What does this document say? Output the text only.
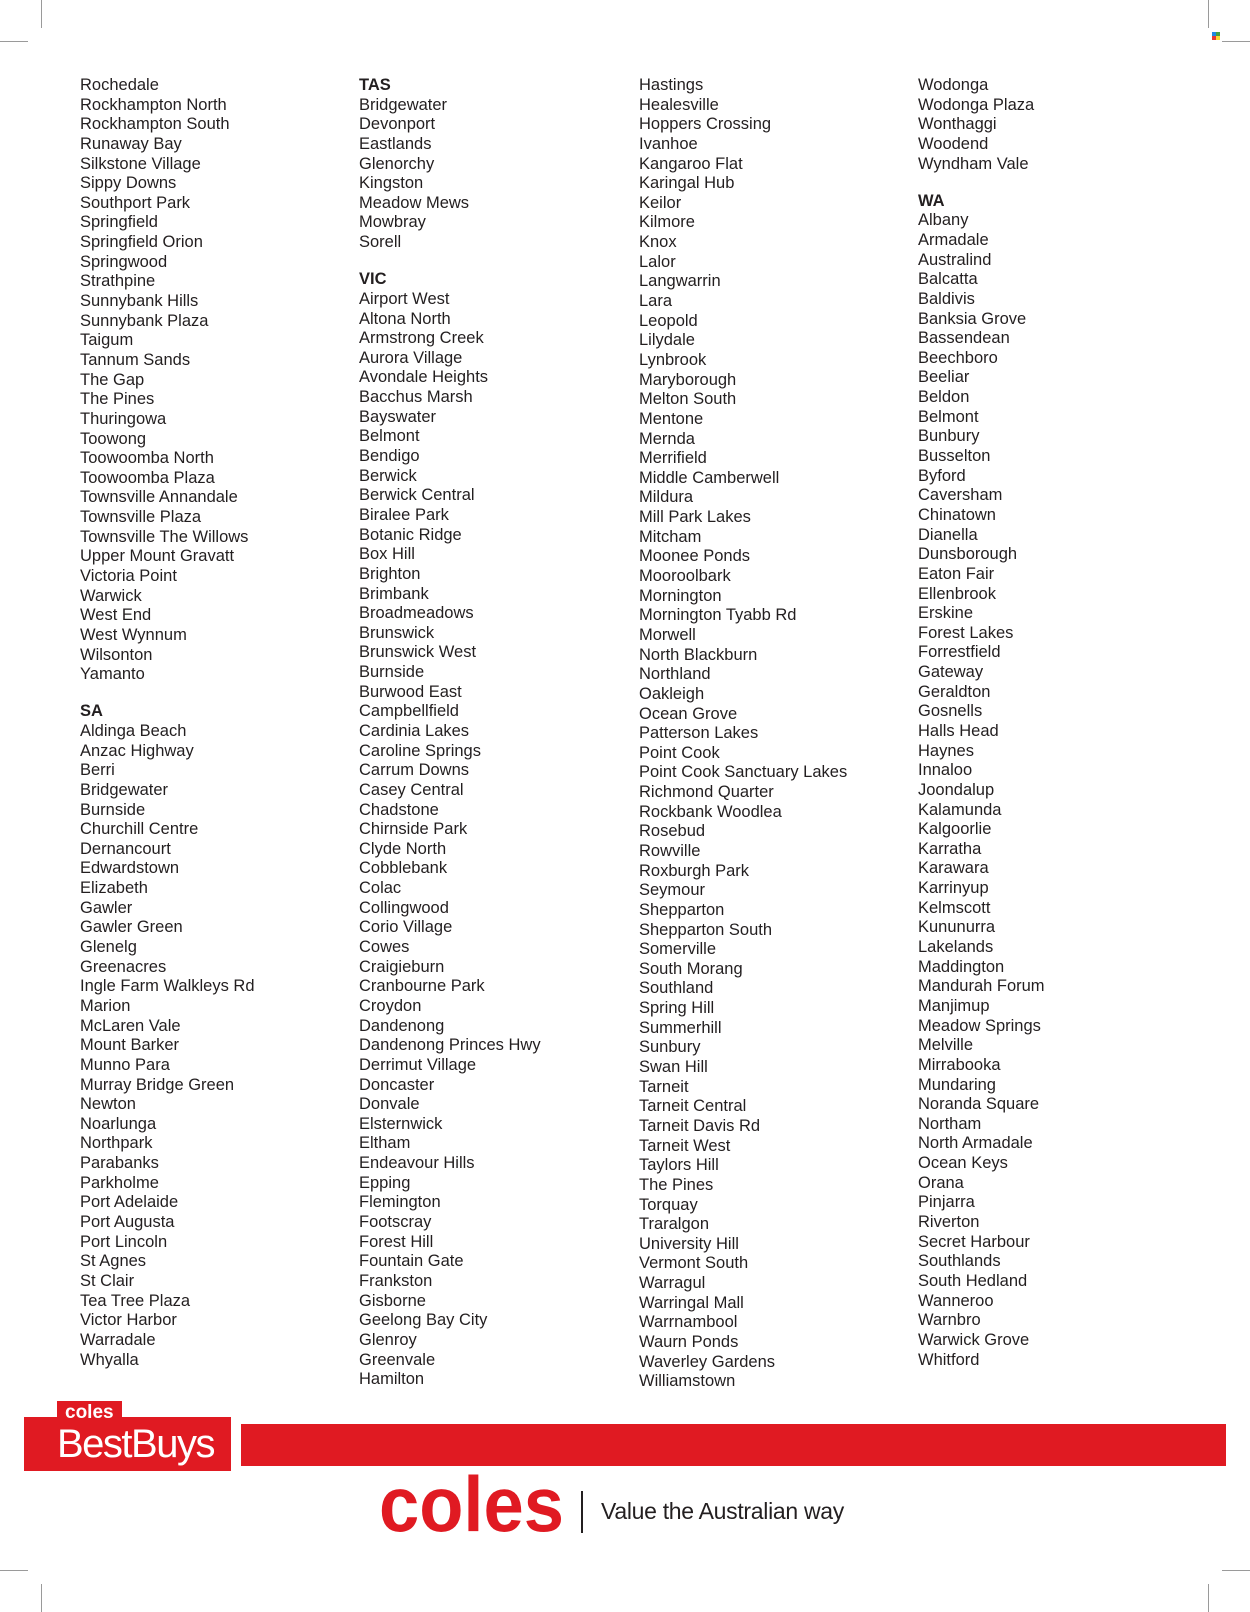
Rochedale
Rockhampton North
Rockhampton South
Runaway Bay
Silkstone Village
Sippy Downs
Southport Park
Springfield
Springfield Orion
Springwood
Strathpine
Sunnybank Hills
Sunnybank Plaza
Taigum
Tannum Sands
The Gap
The Pines
Thuringowa
Toowong
Toowoomba North
Toowoomba Plaza
Townsville Annandale
Townsville Plaza
Townsville The Willows
Upper Mount Gravatt
Victoria Point
Warwick
West End
West Wynnum
Wilsonton
Yamanto
SA
Aldinga Beach
Anzac Highway
Berri
Bridgewater
Burnside
Churchill Centre
Dernancourt
Edwardstown
Elizabeth
Gawler
Gawler Green
Glenelg
Greenacres
Ingle Farm Walkleys Rd
Marion
McLaren Vale
Mount Barker
Munno Para
Murray Bridge Green
Newton
Noarlunga
Northpark
Parabanks
Parkholme
Port Adelaide
Port Augusta
Port Lincoln
St Agnes
St Clair
Tea Tree Plaza
Victor Harbor
Warradale
Whyalla
TAS
Bridgewater
Devonport
Eastlands
Glenorchy
Kingston
Meadow Mews
Mowbray
Sorell
VIC
Airport West
Altona North
Armstrong Creek
Aurora Village
Avondale Heights
Bacchus Marsh
Bayswater
Belmont
Bendigo
Berwick
Berwick Central
Biralee Park
Botanic Ridge
Box Hill
Brighton
Brimbank
Broadmeadows
Brunswick
Brunswick West
Burnside
Burwood East
Campbellfield
Cardinia Lakes
Caroline Springs
Carrum Downs
Casey Central
Chadstone
Chirnside Park
Clyde North
Cobblebank
Colac
Collingwood
Corio Village
Cowes
Craigieburn
Cranbourne Park
Croydon
Dandenong
Dandenong Princes Hwy
Derrimut Village
Doncaster
Donvale
Elsternwick
Eltham
Endeavour Hills
Epping
Flemington
Footscray
Forest Hill
Fountain Gate
Frankston
Gisborne
Geelong Bay City
Glenroy
Greenvale
Hamilton
Hastings
Healesville
Hoppers Crossing
Ivanhoe
Kangaroo Flat
Karingal Hub
Keilor
Kilmore
Knox
Lalor
Langwarrin
Lara
Leopold
Lilydale
Lynbrook
Maryborough
Melton South
Mentone
Mernda
Merrifield
Middle Camberwell
Mildura
Mill Park Lakes
Mitcham
Moonee Ponds
Mooroolbark
Mornington
Mornington Tyabb Rd
Morwell
North Blackburn
Northland
Oakleigh
Ocean Grove
Patterson Lakes
Point Cook
Point Cook Sanctuary Lakes
Richmond Quarter
Rockbank Woodlea
Rosebud
Rowville
Roxburgh Park
Seymour
Shepparton
Shepparton South
Somerville
South Morang
Southland
Spring Hill
Summerhill
Sunbury
Swan Hill
Tarneit
Tarneit Central
Tarneit Davis Rd
Tarneit West
Taylors Hill
The Pines
Torquay
Traralgon
University Hill
Vermont South
Warragul
Warringal Mall
Warrnambool
Waurn Ponds
Waverley Gardens
Williamstown
Wodonga
Wodonga Plaza
Wonthaggi
Woodend
Wyndham Vale
WA
Albany
Armadale
Australind
Balcatta
Baldivis
Banksia Grove
Bassendean
Beechboro
Beeliar
Beldon
Belmont
Bunbury
Busselton
Byford
Caversham
Chinatown
Dianella
Dunsborough
Eaton Fair
Ellenbrook
Erskine
Forest Lakes
Forrestfield
Gateway
Geraldton
Gosnells
Halls Head
Haynes
Innaloo
Joondalup
Kalamunda
Kalgoorlie
Karratha
Karawara
Karrinyup
Kelmscott
Kununurra
Lakelands
Maddington
Mandurah Forum
Manjimup
Meadow Springs
Melville
Mirrabooka
Mundaring
Noranda Square
Northam
North Armadale
Ocean Keys
Orana
Pinjarra
Riverton
Secret Harbour
Southlands
South Hedland
Wanneroo
Warnbro
Warwick Grove
Whitford
coles
BestBuys
coles Value the Australian way
